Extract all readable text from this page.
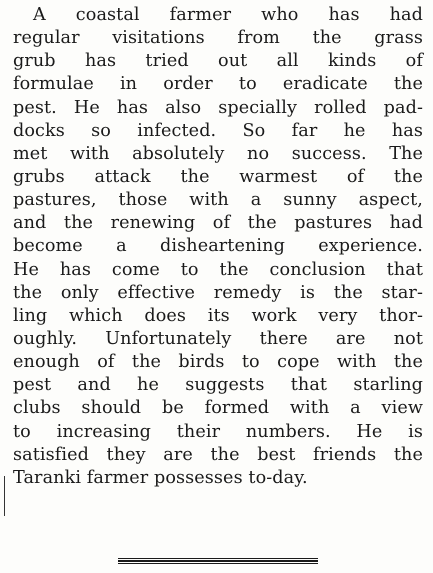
A coastal farmer who has had
regular visitations from the grass
grub has tried out all kinds of
formulae in order to eradicate the
pest. He has also specially rolled pad-
docks so infected. So far he has
met with absolutely no success. The
grubs attack the warmest of the
pastures, those with a sunny aspect,
and the renewing of the pastures had
become a disheartening experience.
He has come to the conclusion that
the only effective remedy is the star-
ling which does its work very thor-
oughly. Unfortunately there are not
enough of the birds to cope with the
pest and he suggests that starling
clubs should be formed with a view
to increasing their numbers. He is
satisfied they are the best friends the
Taranki farmer possesses to-day.
